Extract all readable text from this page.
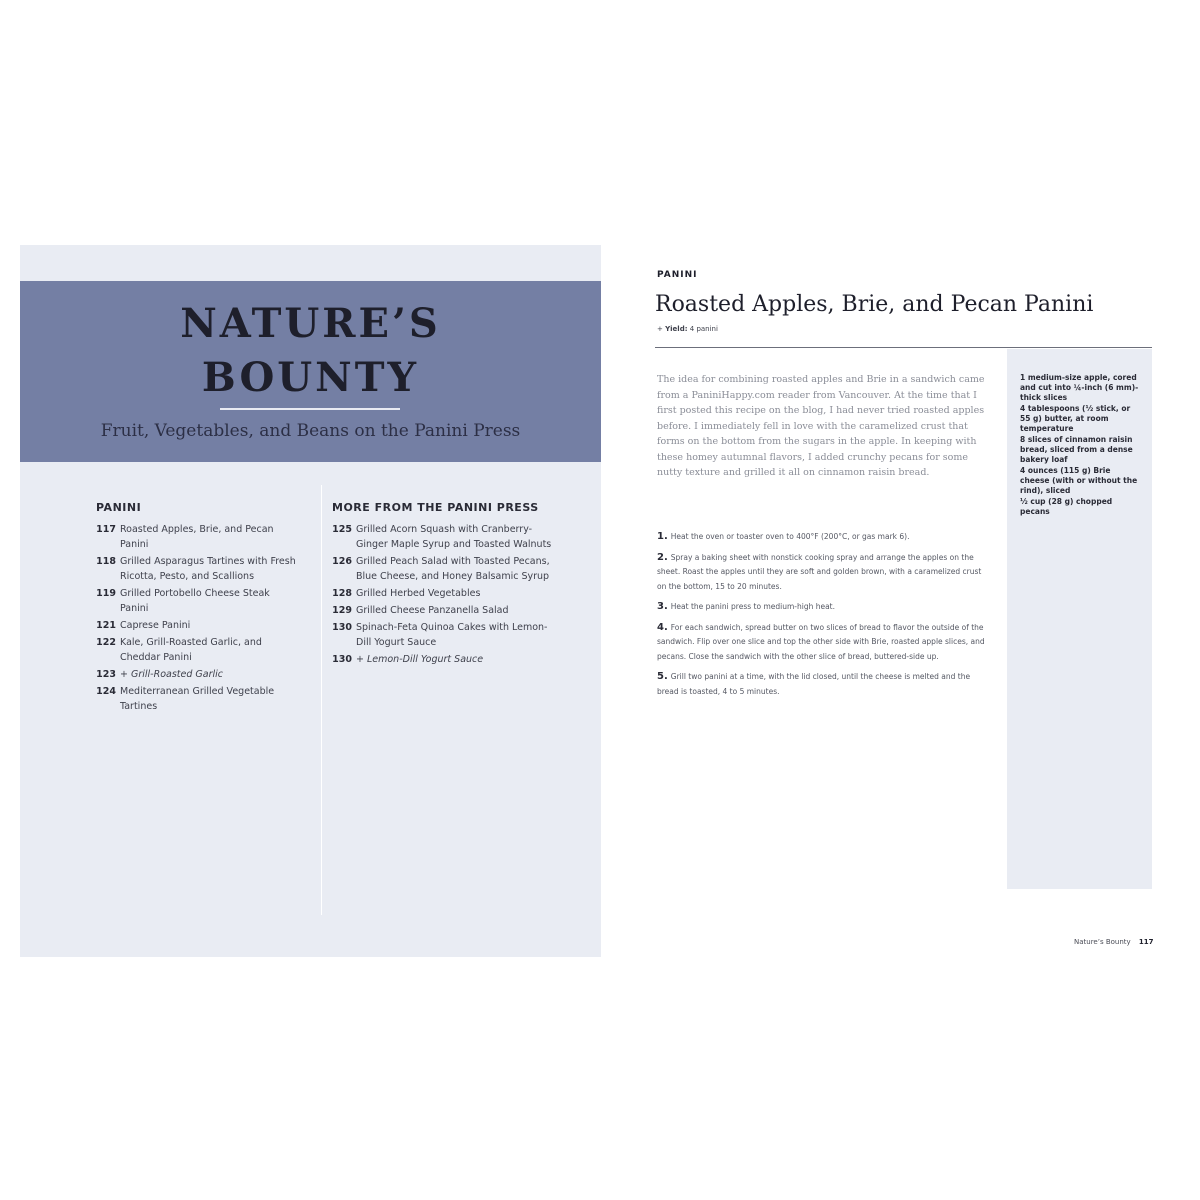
NATURE’S
BOUNTY

Fruit, Vegetables, and Beans on the Panini Press

PANINI
117 Roasted Apples, Brie, and Pecan Panini
118 Grilled Asparagus Tartines with Fresh Ricotta, Pesto, and Scallions
119 Grilled Portobello Cheese Steak Panini
121 Caprese Panini
122 Kale, Grill-Roasted Garlic, and Cheddar Panini
123 + Grill-Roasted Garlic
124 Mediterranean Grilled Vegetable Tartines
MORE FROM THE PANINI PRESS
125 Grilled Acorn Squash with Cranberry-Ginger Maple Syrup and Toasted Walnuts
126 Grilled Peach Salad with Toasted Pecans, Blue Cheese, and Honey Balsamic Syrup
128 Grilled Herbed Vegetables
129 Grilled Cheese Panzanella Salad
130 Spinach-Feta Quinoa Cakes with Lemon-Dill Yogurt Sauce
130 + Lemon-Dill Yogurt Sauce
PANINI
Roasted Apples, Brie, and Pecan Panini
+ Yield: 4 panini

The idea for combining roasted apples and Brie in a sandwich came from a PaniniHappy.com reader from Vancouver. At the time that I first posted this recipe on the blog, I had never tried roasted apples before. I immediately fell in love with the caramelized crust that forms on the bottom from the sugars in the apple. In keeping with these homey autumnal flavors, I added crunchy pecans for some nutty texture and grilled it all on cinnamon raisin bread.

1. Heat the oven or toaster oven to 400°F (200°C, or gas mark 6).
2. Spray a baking sheet with nonstick cooking spray and arrange the apples on the sheet. Roast the apples until they are soft and golden brown, with a caramelized crust on the bottom, 15 to 20 minutes.
3. Heat the panini press to medium-high heat.
4. For each sandwich, spread butter on two slices of bread to flavor the outside of the sandwich. Flip over one slice and top the other side with Brie, roasted apple slices, and pecans. Close the sandwich with the other slice of bread, buttered-side up.
5. Grill two panini at a time, with the lid closed, until the cheese is melted and the bread is toasted, 4 to 5 minutes.
1 medium-size apple, cored and cut into ¼-inch (6 mm)-thick slices
4 tablespoons (½ stick, or 55 g) butter, at room temperature
8 slices of cinnamon raisin bread, sliced from a dense bakery loaf
4 ounces (115 g) Brie cheese (with or without the rind), sliced
½ cup (28 g) chopped pecans
Nature’s Bounty 117
